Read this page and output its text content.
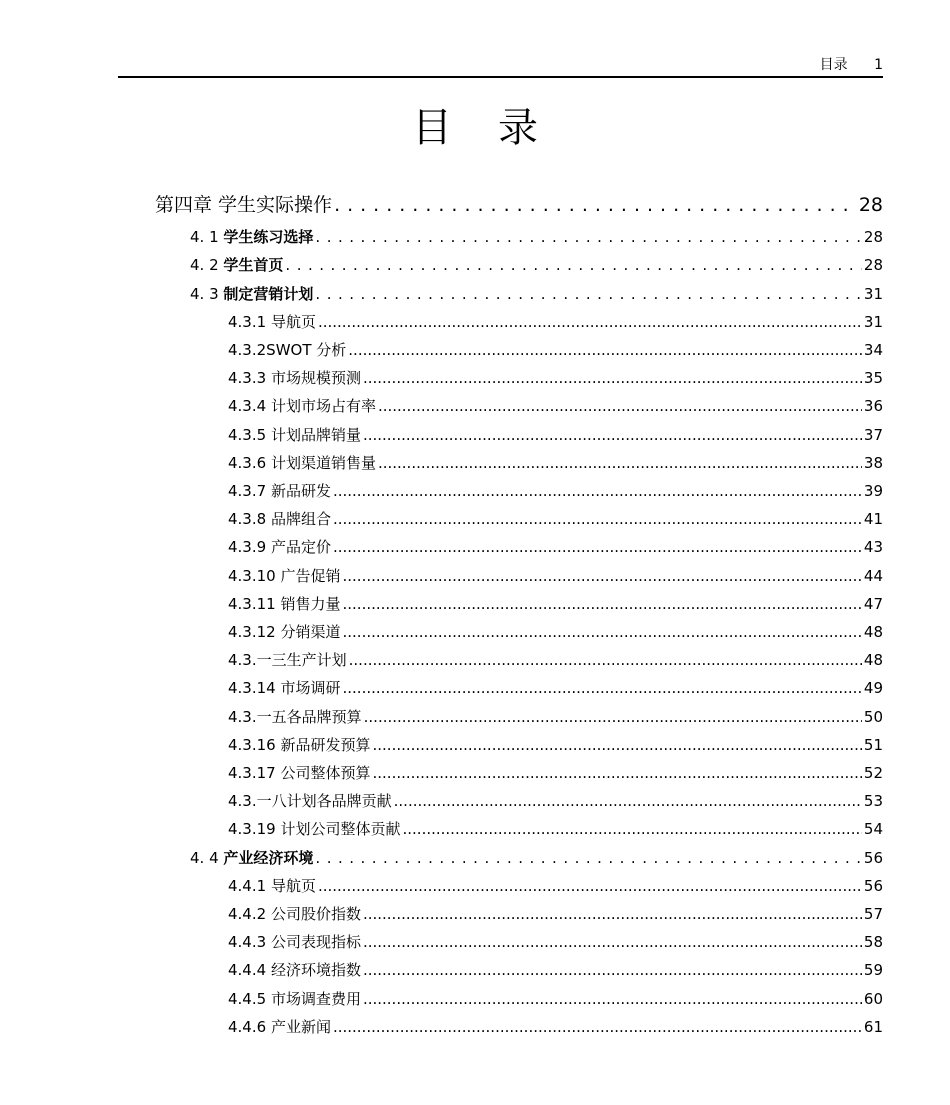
目录 1
目录
第四章 学生实际操作 .....	28
4. 1 学生练习选择 .....	28
4. 2 学生首页 .....	28
4. 3 制定营销计划 .....	31
4.3.1 导航页 .....	31
4.3.2SWOT 分析 .....	34
4.3.3 市场规模预测 .....	35
4.3.4 计划市场占有率 .....	36
4.3.5 计划品牌销量 .....	37
4.3.6 计划渠道销售量 .....	38
4.3.7 新品研发 .....	39
4.3.8 品牌组合 .....	41
4.3.9 产品定价 .....	43
4.3.10 广告促销 .....	44
4.3.11 销售力量 .....	47
4.3.12 分销渠道 .....	48
4.3. 一三生产计划 .....	48
4.3.14 市场调研 .....	49
4.3. 一五各品牌预算 .....	50
4.3.16 新品研发预算 .....	51
4.3.17 公司整体预算 .....	52
4.3. 一八计划各品牌贡献 .....	53
4.3.19 计划公司整体贡献 .....	54
4. 4 产业经济环境 .....	56
4.4.1 导航页 .....	56
4.4.2 公司股价指数 .....	57
4.4.3 公司表现指标 .....	58
4.4.4 经济环境指数 .....	59
4.4.5 市场调查费用 .....	60
4.4.6 产业新闻 .....	61
